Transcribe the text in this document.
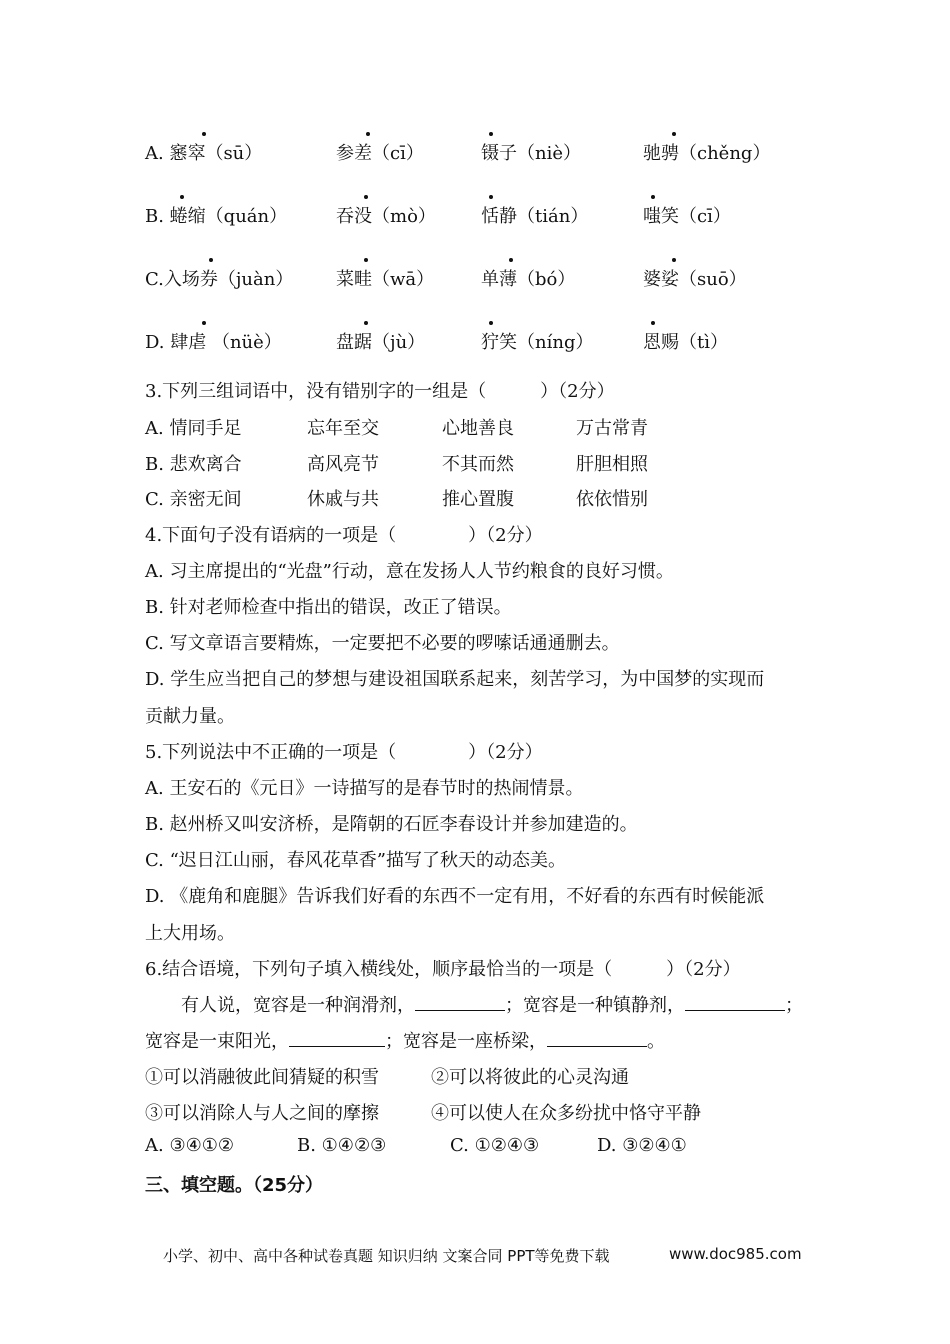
A. 窸窣（sū）	参差（cī）	镊子（niè）	驰骋（chěng）
B. 蜷缩（quán）	吞没（mò）	恬静（tián）	嗤笑（cī）
C.入场券（juàn） 菜畦（wā）	单薄（bó）	婆娑（suō）
D. 肆虐 （nüè）	盘踞（jù）	狞笑（níng）	恩赐（tì）
3.下列三组词语中，没有错别字的一组是（　　　）（2分）
A. 情同手足	忘年至交	心地善良	万古常青
B. 悲欢离合	高风亮节	不其而然	肝胆相照
C. 亲密无间	休戚与共	推心置腹	依依惜别
4.下面句子没有语病的一项是（　　　　）（2分）
A. 习主席提出的“光盘”行动，意在发扬人人节约粮食的良好习惯。
B. 针对老师检查中指出的错误，改正了错误。
C. 写文章语言要精炼，一定要把不必要的啰嗦话通通删去。
D. 学生应当把自己的梦想与建设祖国联系起来，刻苦学习，为中国梦的实现而
贡献力量。
5.下列说法中不正确的一项是（　　　　）（2分）
A. 王安石的《元日》一诗描写的是春节时的热闹情景。
B. 赵州桥又叫安济桥，是隋朝的石匠李春设计并参加建造的。
C. “迟日江山丽，春风花草香”描写了秋天的动态美。
D. 《鹿角和鹿腿》告诉我们好看的东西不一定有用，不好看的东西有时候能派
上大用场。
6.结合语境，下列句子填入横线处，顺序最恰当的一项是（　　　）（2分）
有人说，宽容是一种润滑剂，	；宽容是一种镇静剂，	；
宽容是一束阳光，	；宽容是一座桥梁，	。
①可以消融彼此间猜疑的积雪	②可以将彼此的心灵沟通
③可以消除人与人之间的摩擦	④可以使人在众多纷扰中恪守平静
A. ③④①②	B. ①④②③	C. ①②④③	D. ③②④①
三、填空题。（25分）
小学、初中、高中各种试卷真题 知识归纳 文案合同 PPT等免费下载	www.doc985.com
